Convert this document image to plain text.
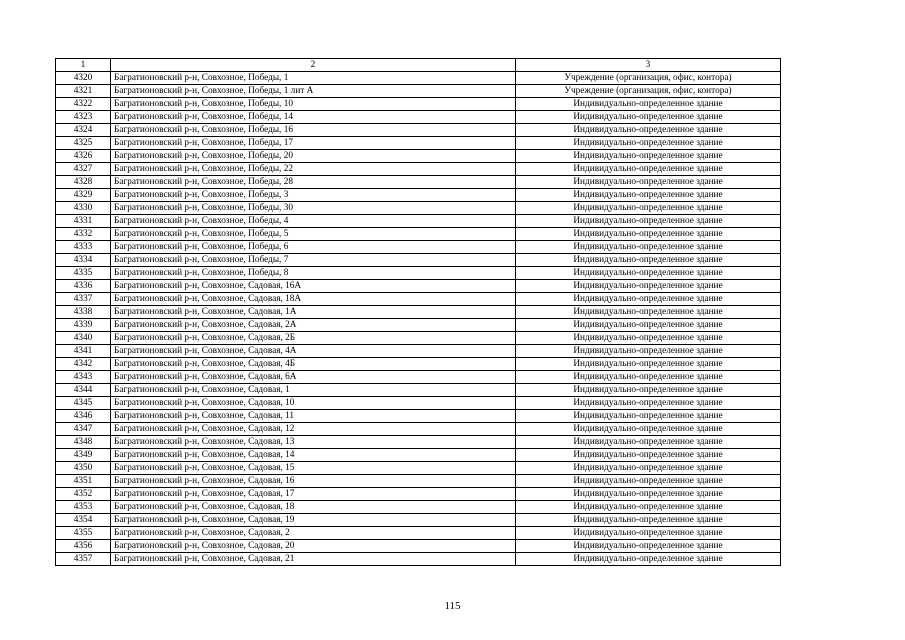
1	2	3
4320	Багратионовский р-н, Совхозное, Победы, 1	Учреждение (организация, офис, контора)
4321	Багратионовский р-н, Совхозное, Победы, 1 лит А	Учреждение (организация, офис, контора)
4322	Багратионовский р-н, Совхозное, Победы, 10	Индивидуально-определенное здание
4323	Багратионовский р-н, Совхозное, Победы, 14	Индивидуально-определенное здание
4324	Багратионовский р-н, Совхозное, Победы, 16	Индивидуально-определенное здание
4325	Багратионовский р-н, Совхозное, Победы, 17	Индивидуально-определенное здание
4326	Багратионовский р-н, Совхозное, Победы, 20	Индивидуально-определенное здание
4327	Багратионовский р-н, Совхозное, Победы, 22	Индивидуально-определенное здание
4328	Багратионовский р-н, Совхозное, Победы, 28	Индивидуально-определенное здание
4329	Багратионовский р-н, Совхозное, Победы, 3	Индивидуально-определенное здание
4330	Багратионовский р-н, Совхозное, Победы, 30	Индивидуально-определенное здание
4331	Багратионовский р-н, Совхозное, Победы, 4	Индивидуально-определенное здание
4332	Багратионовский р-н, Совхозное, Победы, 5	Индивидуально-определенное здание
4333	Багратионовский р-н, Совхозное, Победы, 6	Индивидуально-определенное здание
4334	Багратионовский р-н, Совхозное, Победы, 7	Индивидуально-определенное здание
4335	Багратионовский р-н, Совхозное, Победы, 8	Индивидуально-определенное здание
4336	Багратионовский р-н, Совхозное, Садовая, 16А	Индивидуально-определенное здание
4337	Багратионовский р-н, Совхозное, Садовая, 18А	Индивидуально-определенное здание
4338	Багратионовский р-н, Совхозное, Садовая, 1А	Индивидуально-определенное здание
4339	Багратионовский р-н, Совхозное, Садовая, 2А	Индивидуально-определенное здание
4340	Багратионовский р-н, Совхозное, Садовая, 2Б	Индивидуально-определенное здание
4341	Багратионовский р-н, Совхозное, Садовая, 4А	Индивидуально-определенное здание
4342	Багратионовский р-н, Совхозное, Садовая, 4Б	Индивидуально-определенное здание
4343	Багратионовский р-н, Совхозное, Садовая, 6А	Индивидуально-определенное здание
4344	Багратионовский р-н, Совхозное, Садовая, 1	Индивидуально-определенное здание
4345	Багратионовский р-н, Совхозное, Садовая, 10	Индивидуально-определенное здание
4346	Багратионовский р-н, Совхозное, Садовая, 11	Индивидуально-определенное здание
4347	Багратионовский р-н, Совхозное, Садовая, 12	Индивидуально-определенное здание
4348	Багратионовский р-н, Совхозное, Садовая, 13	Индивидуально-определенное здание
4349	Багратионовский р-н, Совхозное, Садовая, 14	Индивидуально-определенное здание
4350	Багратионовский р-н, Совхозное, Садовая, 15	Индивидуально-определенное здание
4351	Багратионовский р-н, Совхозное, Садовая, 16	Индивидуально-определенное здание
4352	Багратионовский р-н, Совхозное, Садовая, 17	Индивидуально-определенное здание
4353	Багратионовский р-н, Совхозное, Садовая, 18	Индивидуально-определенное здание
4354	Багратионовский р-н, Совхозное, Садовая, 19	Индивидуально-определенное здание
4355	Багратионовский р-н, Совхозное, Садовая, 2	Индивидуально-определенное здание
4356	Багратионовский р-н, Совхозное, Садовая, 20	Индивидуально-определенное здание
4357	Багратионовский р-н, Совхозное, Садовая, 21	Индивидуально-определенное здание
115
